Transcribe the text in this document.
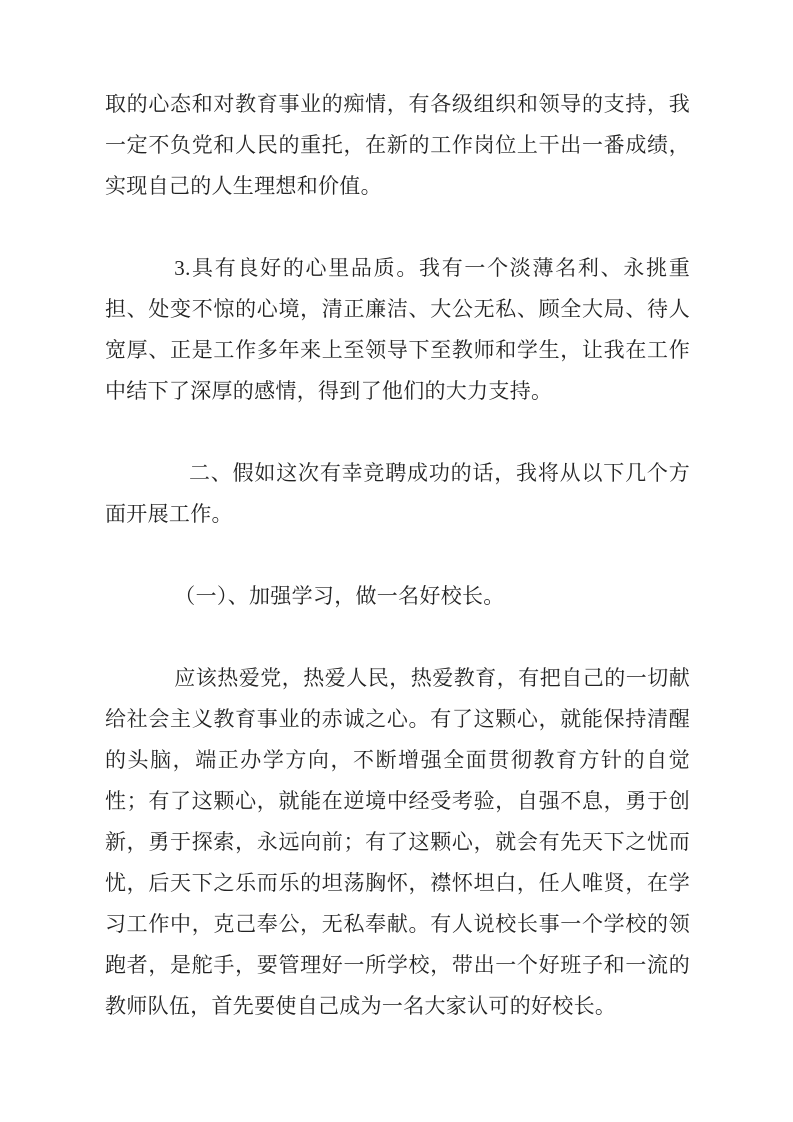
取的心态和对教育事业的痴情，有各级组织和领导的支持，我一定不负党和人民的重托，在新的工作岗位上干出一番成绩，实现自己的人生理想和价值。

3.具有良好的心里品质。我有一个淡薄名利、永挑重担、处变不惊的心境，清正廉洁、大公无私、顾全大局、待人宽厚、正是工作多年来上至领导下至教师和学生，让我在工作中结下了深厚的感情，得到了他们的大力支持。

二、假如这次有幸竞聘成功的话，我将从以下几个方面开展工作。

（一）、加强学习，做一名好校长。

应该热爱党，热爱人民，热爱教育，有把自己的一切献给社会主义教育事业的赤诚之心。有了这颗心，就能保持清醒的头脑，端正办学方向，不断增强全面贯彻教育方针的自觉性；有了这颗心，就能在逆境中经受考验，自强不息，勇于创新，勇于探索，永远向前；有了这颗心，就会有先天下之忧而忧，后天下之乐而乐的坦荡胸怀，襟怀坦白，任人唯贤，在学习工作中，克己奉公，无私奉献。有人说校长事一个学校的领跑者，是舵手，要管理好一所学校，带出一个好班子和一流的教师队伍，首先要使自己成为一名大家认可的好校长。
